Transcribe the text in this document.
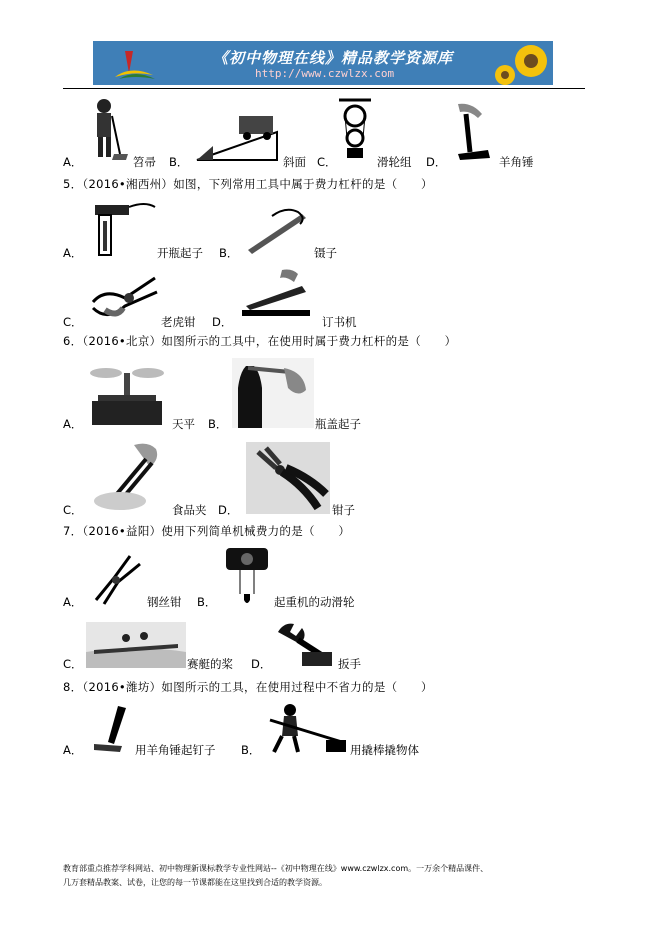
《初中物理在线》精品教学资源库
http://www.czwlzx.com
A．	笤帚 B．	斜面 C．	滑轮组 D．	羊角锤
5．（2016•湘西州）如图，下列常用工具中属于费力杠杆的是（　　）
A．	开瓶起子 B．	镊子
C．	老虎钳 D．	订书机
6．（2016•北京）如图所示的工具中，在使用时属于费力杠杆的是（　　）
A．	天平 B．	瓶盖起子
C．	食品夹 D．	钳子
7．（2016•益阳）使用下列简单机械费力的是（　　）
A．	钢丝钳 B．	起重机的动滑轮
赛艇的桨
C．	D．	扳手
8．（2016•潍坊）如图所示的工具，在使用过程中不省力的是（　　）
A．	用羊角锤起钉子 B．	用撬棒撬物体
教育部重点推荐学科网站、初中物理新课标教学专业性网站--《初中物理在线》www.czwlzx.com。一万余个精品课件、
几万套精品教案、试卷，让您的每一节课都能在这里找到合适的教学资源。
